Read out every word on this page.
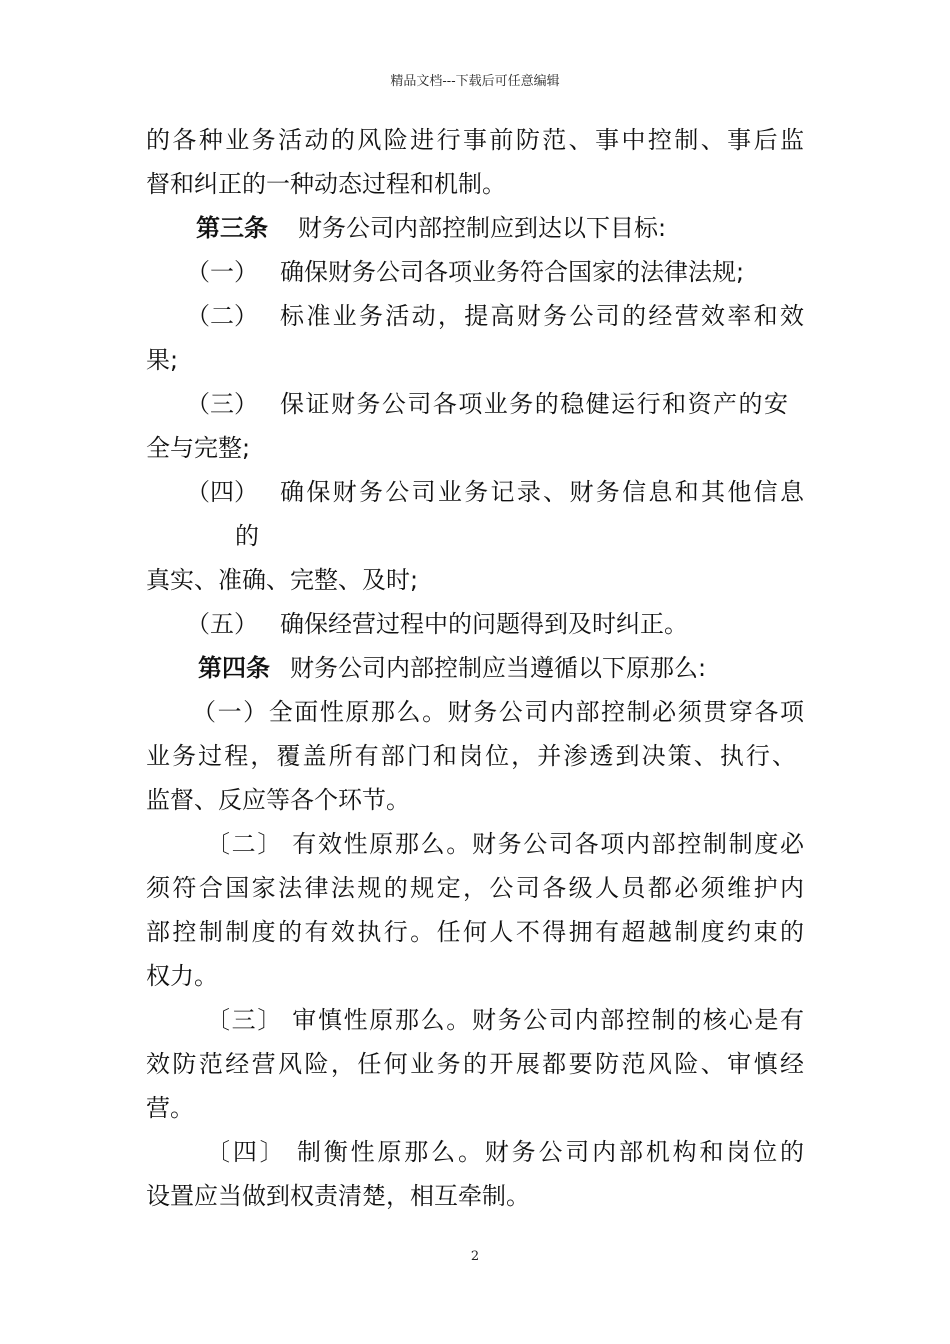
精品文档---下载后可任意编辑
的各种业务活动的风险进行事前防范、事中控制、事后监
督和纠正的一种动态过程和机制。
第三条 财务公司内部控制应到达以下目标:
（一） 确保财务公司各项业务符合国家的法律法规;
（二） 标准业务活动，提高财务公司的经营效率和效
果;
（三） 保证财务公司各项业务的稳健运行和资产的安
全与完整;
（四） 确保财务公司业务记录、财务信息和其他信息
的
真实、准确、完整、及时;
（五） 确保经营过程中的问题得到及时纠正。
第四条 财务公司内部控制应当遵循以下原那么:
（一）全面性原那么。财务公司内部控制必须贯穿各项
业务过程，覆盖所有部门和岗位，并渗透到决策、执行、
监督、反应等各个环节。
〔二〕 有效性原那么。财务公司各项内部控制制度必
须符合国家法律法规的规定，公司各级人员都必须维护内
部控制制度的有效执行。任何人不得拥有超越制度约束的
权力。
〔三〕 审慎性原那么。财务公司内部控制的核心是有
效防范经营风险，任何业务的开展都要防范风险、审慎经
营。
〔四〕 制衡性原那么。财务公司内部机构和岗位的
设置应当做到权责清楚，相互牵制。
2
